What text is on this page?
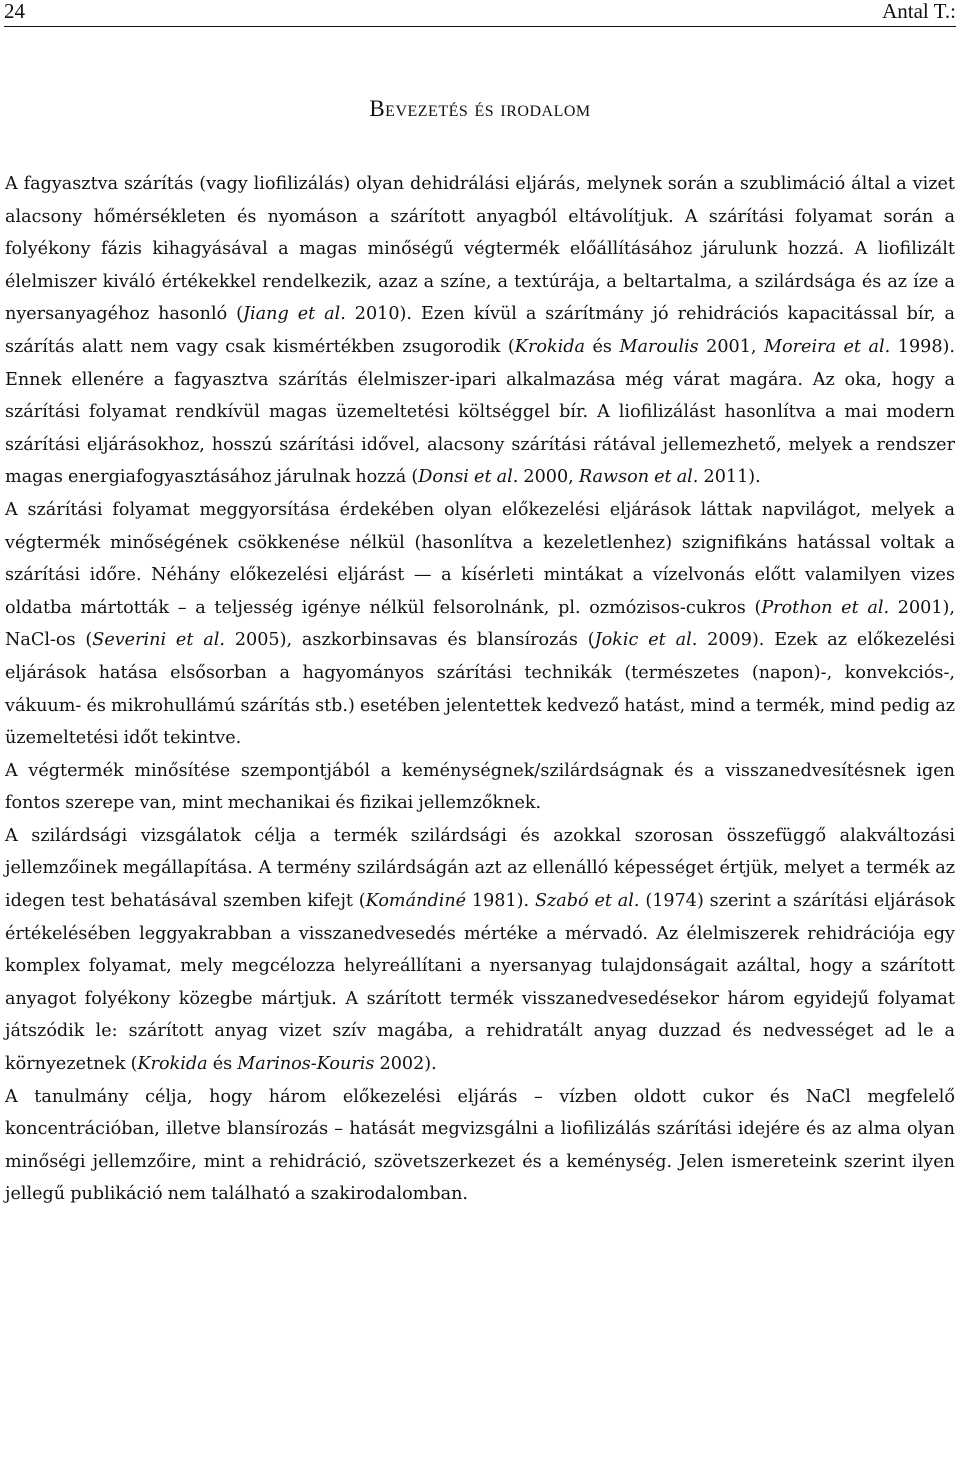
24	Antal T.:
Bevezetés és irodalom

A fagyasztva szárítás (vagy liofilizálás) olyan dehidrálási eljárás, melynek során a szublimáció által a vizet alacsony hőmérsékleten és nyomáson a szárított anyagból eltávolítjuk. A szárítási folyamat során a folyékony fázis kihagyásával a magas minőségű végtermék előállításához járulunk hozzá. A liofilizált élelmiszer kiváló értékekkel rendelkezik, azaz a színe, a textúrája, a beltartalma, a szilárdsága és az íze a nyersanyagéhoz hasonló (Jiang et al. 2010). Ezen kívül a szárítmány jó rehidrációs kapacitással bír, a szárítás alatt nem vagy csak kismértékben zsugorodik (Krokida és Maroulis 2001, Moreira et al. 1998). Ennek ellenére a fagyasztva szárítás élelmiszer-ipari alkalmazása még várat magára. Az oka, hogy a szárítási folyamat rendkívül magas üzemeltetési költséggel bír. A liofilizálást hasonlítva a mai modern szárítási eljárásokhoz, hosszú szárítási idővel, alacsony szárítási rátával jellemezhető, melyek a rendszer magas energiafogyasztásához járulnak hozzá (Donsi et al. 2000, Rawson et al. 2011).

A szárítási folyamat meggyorsítása érdekében olyan előkezelési eljárások láttak napvilágot, melyek a végtermék minőségének csökkenése nélkül (hasonlítva a kezeletlenhez) szignifikáns hatással voltak a szárítási időre. Néhány előkezelési eljárást — a kísérleti mintákat a vízelvonás előtt valamilyen vizes oldatba mártották – a teljesség igénye nélkül felsorolnánk, pl. ozmózisos-cukros (Prothon et al. 2001), NaCl-os (Severini et al. 2005), aszkorbinsavas és blansírozás (Jokic et al. 2009). Ezek az előkezelési eljárások hatása elsősorban a hagyományos szárítási technikák (természetes (napon)-, konvekciós-, vákuum- és mikrohullámú szárítás stb.) esetében jelentettek kedvező hatást, mind a termék, mind pedig az üzemeltetési időt tekintve.

A végtermék minősítése szempontjából a keménységnek/szilárdságnak és a visszanedvesítésnek igen fontos szerepe van, mint mechanikai és fizikai jellemzőknek.

A szilárdsági vizsgálatok célja a termék szilárdsági és azokkal szorosan összefüggő alakváltozási jellemzőinek megállapítása. A termény szilárdságán azt az ellenálló képességet értjük, melyet a termék az idegen test behatásával szemben kifejt (Komándiné 1981). Szabó et al. (1974) szerint a szárítási eljárások értékelésében leggyakrabban a visszanedvesedés mértéke a mérvadó. Az élelmiszerek rehidrációja egy komplex folyamat, mely megcélozza helyreállítani a nyersanyag tulajdonságait azáltal, hogy a szárított anyagot folyékony közegbe mártjuk. A szárított termék visszanedvesedésekor három egyidejű folyamat játszódik le: szárított anyag vizet szív magába, a rehidratált anyag duzzad és nedvességet ad le a környezetnek (Krokida és Marinos-Kouris 2002).

A tanulmány célja, hogy három előkezelési eljárás – vízben oldott cukor és NaCl megfelelő koncentrációban, illetve blansírozás – hatását megvizsgálni a liofilizálás szárítási idejére és az alma olyan minőségi jellemzőire, mint a rehidráció, szövetszerkezet és a keménység. Jelen ismereteink szerint ilyen jellegű publikáció nem található a szakirodalomban.
